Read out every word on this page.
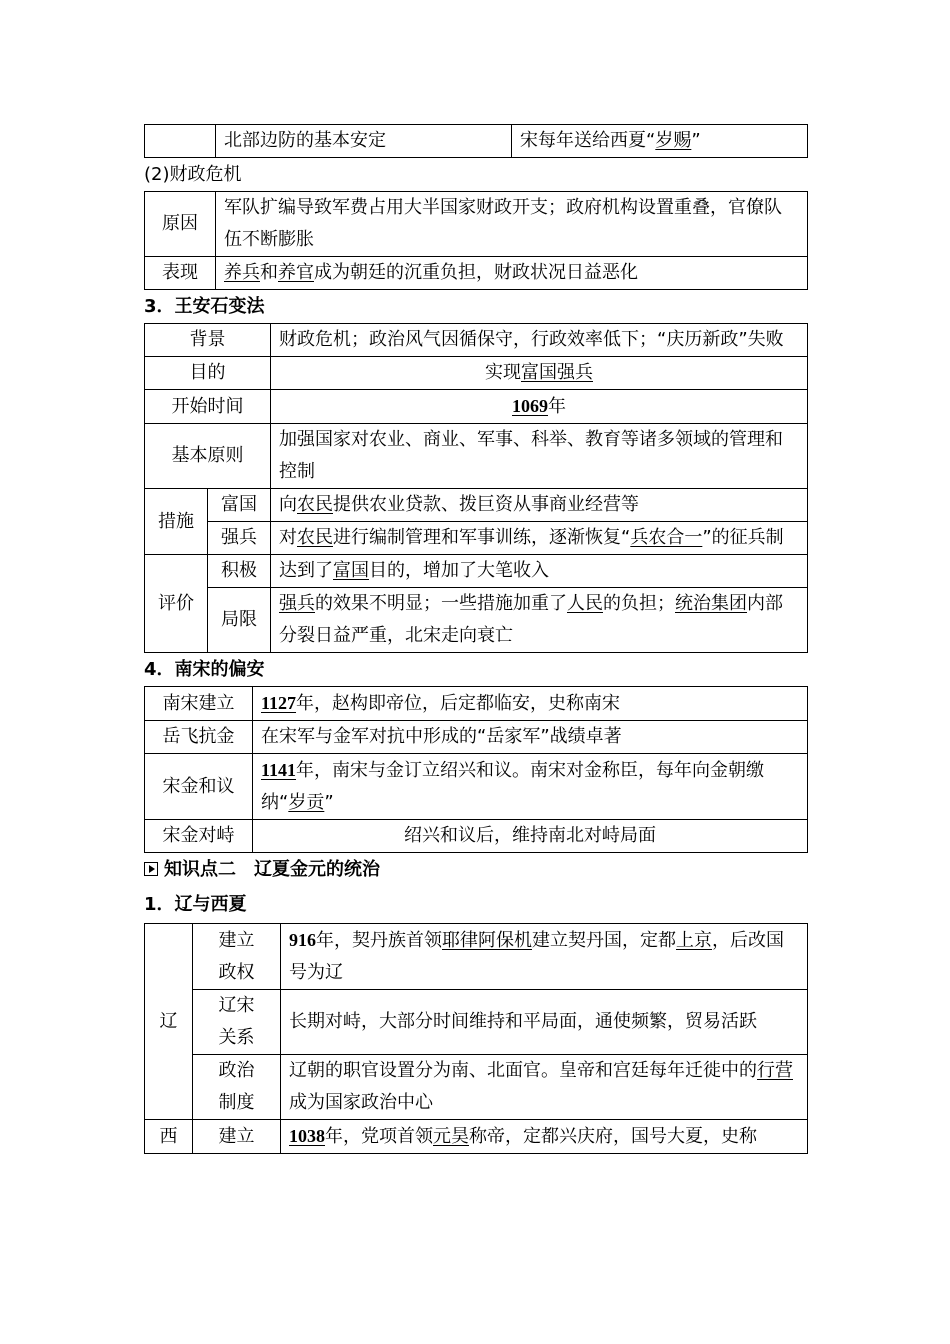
	北部边防的基本安定	宋每年送给西夏“岁赐”
(2)财政危机
原因	军队扩编导致军费占用大半国家财政开支；政府机构设置重叠，官僚队伍不断膨胀
表现	养兵和养官成为朝廷的沉重负担，财政状况日益恶化
3．王安石变法
背景		财政危机；政治风气因循保守，行政效率低下；“庆历新政”失败
目的		实现富国强兵
开始时间		1069年
基本原则		加强国家对农业、商业、军事、科举、教育等诸多领域的管理和控制
措施	富国	向农民提供农业贷款、拨巨资从事商业经营等
	强兵	对农民进行编制管理和军事训练，逐渐恢复“兵农合一”的征兵制
评价	积极	达到了富国目的，增加了大笔收入
	局限	强兵的效果不明显；一些措施加重了人民的负担；统治集团内部分裂日益严重，北宋走向衰亡
4．南宋的偏安
南宋建立	1127年，赵构即帝位，后定都临安，史称南宋
岳飞抗金	在宋军与金军对抗中形成的“岳家军”战绩卓著
宋金和议	1141年，南宋与金订立绍兴和议。南宋对金称臣，每年向金朝缴纳“岁贡”
宋金对峙	绍兴和议后，维持南北对峙局面
知识点二　辽夏金元的统治
1．辽与西夏
辽	建立政权	916年，契丹族首领耶律阿保机建立契丹国，定都上京，后改国号为辽
	辽宋关系	长期对峙，大部分时间维持和平局面，通使频繁，贸易活跃
	政治制度	辽朝的职官设置分为南、北面官。皇帝和宫廷每年迁徙中的行营成为国家政治中心
西	建立	1038年，党项首领元昊称帝，定都兴庆府，国号大夏，史称
